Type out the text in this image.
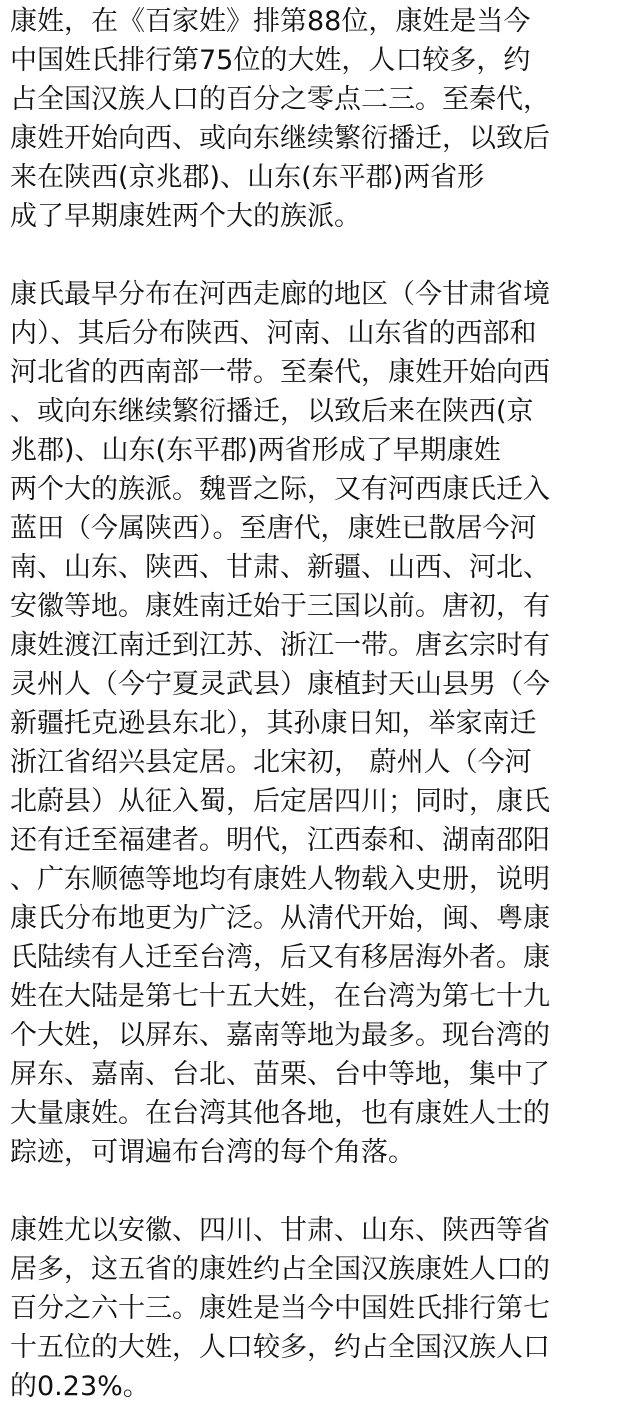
康姓，在《百家姓》排第88位，康姓是当今
中国姓氏排行第75位的大姓，人口较多，约
占全国汉族人口的百分之零点二三。至秦代，
康姓开始向西、或向东继续繁衍播迁，以致后
来在陕西(京兆郡)、山东(东平郡)两省形
成了早期康姓两个大的族派。
康氏最早分布在河西走廊的地区（今甘肃省境
内）、其后分布陕西、河南、山东省的西部和
河北省的西南部一带。至秦代，康姓开始向西
、或向东继续繁衍播迁，以致后来在陕西(京
兆郡)、山东(东平郡)两省形成了早期康姓
两个大的族派。魏晋之际，又有河西康氏迁入
蓝田（今属陕西）。至唐代，康姓已散居今河
南、山东、陕西、甘肃、新疆、山西、河北、
安徽等地。康姓南迁始于三国以前。唐初，有
康姓渡江南迁到江苏、浙江一带。唐玄宗时有
灵州人（今宁夏灵武县）康植封天山县男（今
新疆托克逊县东北），其孙康日知，举家南迁
浙江省绍兴县定居。北宋初， 蔚州人（今河
北蔚县）从征入蜀，后定居四川；同时，康氏
还有迁至福建者。明代，江西泰和、湖南邵阳
、广东顺德等地均有康姓人物载入史册，说明
康氏分布地更为广泛。从清代开始，闽、粤康
氏陆续有人迁至台湾，后又有移居海外者。康
姓在大陆是第七十五大姓，在台湾为第七十九
个大姓，以屏东、嘉南等地为最多。现台湾的
屏东、嘉南、台北、苗栗、台中等地，集中了
大量康姓。在台湾其他各地，也有康姓人士的
踪迹，可谓遍布台湾的每个角落。
康姓尤以安徽、四川、甘肃、山东、陕西等省
居多，这五省的康姓约占全国汉族康姓人口的
百分之六十三。康姓是当今中国姓氏排行第七
十五位的大姓，人口较多，约占全国汉族人口
的0.23%。
